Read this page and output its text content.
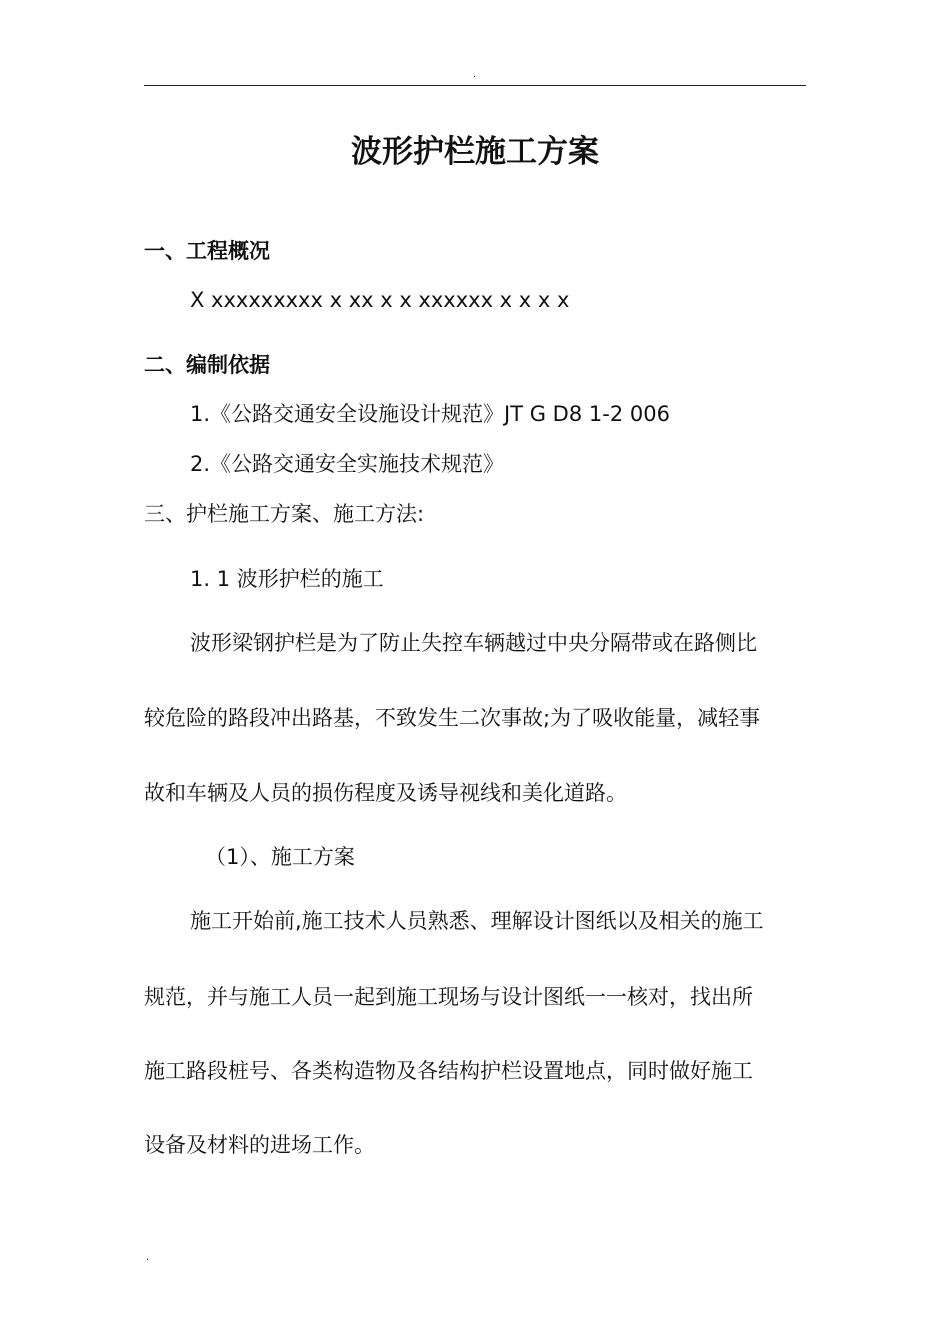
.
波形护栏施工方案
一、工程概况
X xxxxxxxxx x xx x x xxxxxx x x x x
二、编制依据
1.《公路交通安全设施设计规范》JT G D8 1-2 006
2.《公路交通安全实施技术规范》
三、护栏施工方案、施工方法:
1. 1 波形护栏的施工
波形梁钢护栏是为了防止失控车辆越过中央分隔带或在路侧比
较危险的路段冲出路基，不致发生二次事故;为了吸收能量，减轻事
故和车辆及人员的损伤程度及诱导视线和美化道路。
（1）、施工方案
施工开始前,施工技术人员熟悉、理解设计图纸以及相关的施工
规范，并与施工人员一起到施工现场与设计图纸一一核对，找出所
施工路段桩号、各类构造物及各结构护栏设置地点，同时做好施工
设备及材料的进场工作。
.
